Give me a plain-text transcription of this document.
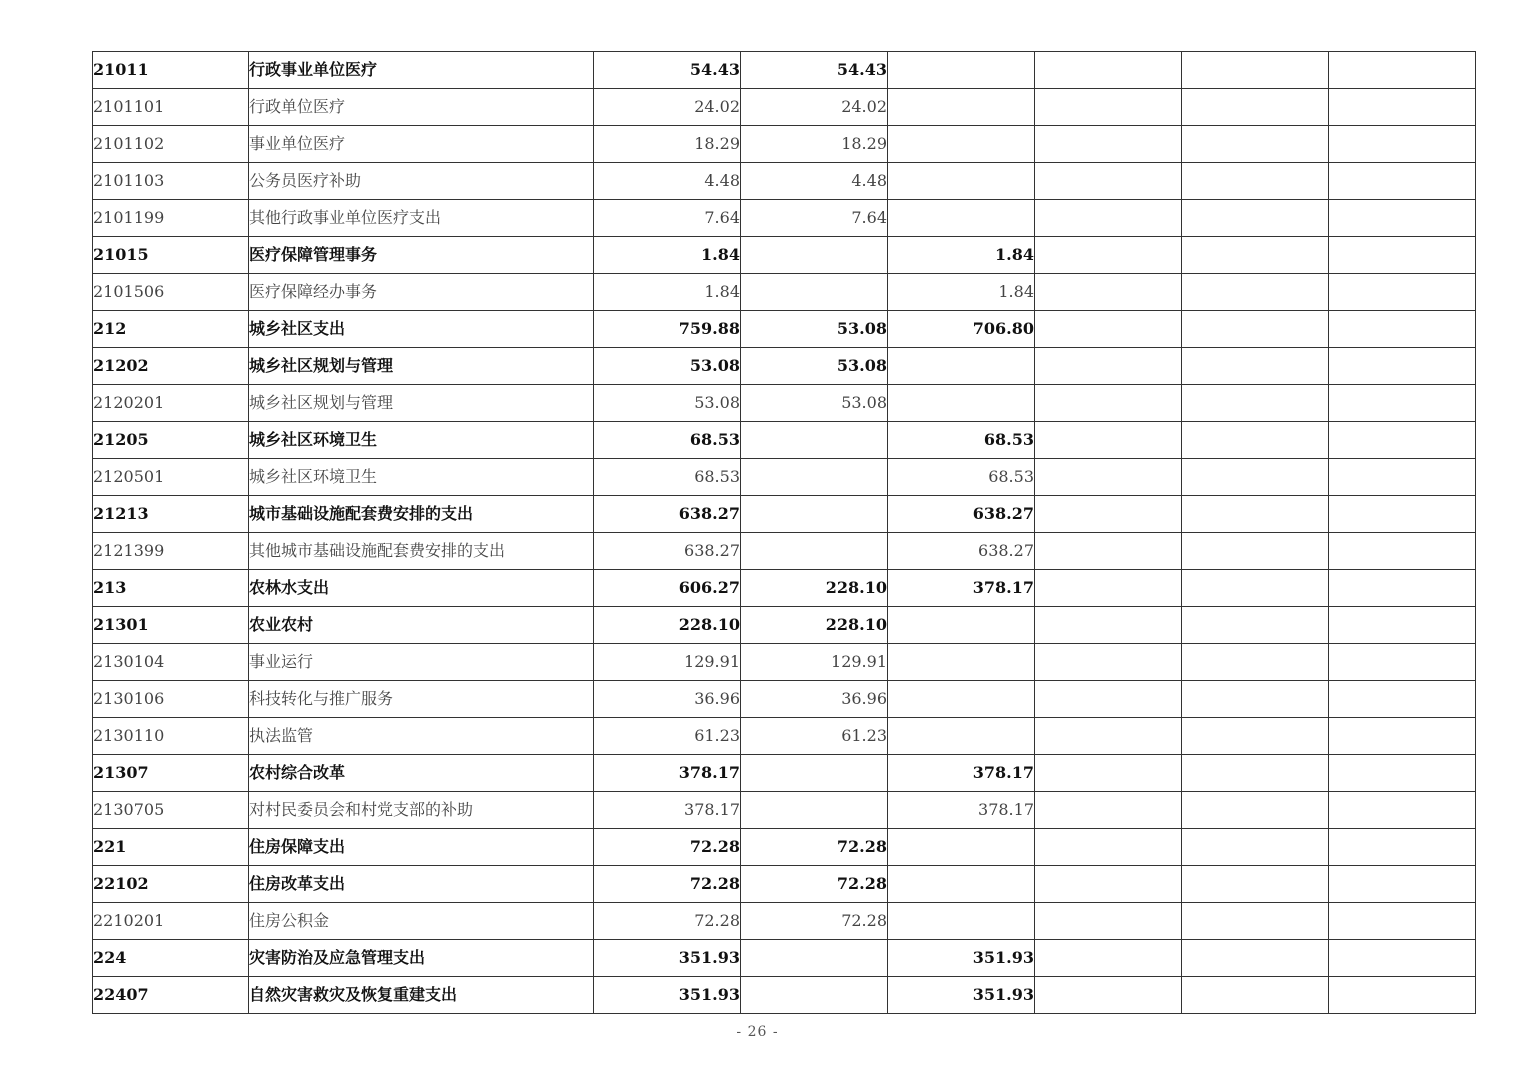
21011	行政事业单位医疗	54.43	54.43				
2101101	行政单位医疗	24.02	24.02				
2101102	事业单位医疗	18.29	18.29				
2101103	公务员医疗补助	4.48	4.48				
2101199	其他行政事业单位医疗支出	7.64	7.64				
21015	医疗保障管理事务	1.84		1.84			
2101506	医疗保障经办事务	1.84		1.84			
212	城乡社区支出	759.88	53.08	706.80			
21202	城乡社区规划与管理	53.08	53.08				
2120201	城乡社区规划与管理	53.08	53.08				
21205	城乡社区环境卫生	68.53		68.53			
2120501	城乡社区环境卫生	68.53		68.53			
21213	城市基础设施配套费安排的支出	638.27		638.27			
2121399	其他城市基础设施配套费安排的支出	638.27		638.27			
213	农林水支出	606.27	228.10	378.17			
21301	农业农村	228.10	228.10				
2130104	事业运行	129.91	129.91				
2130106	科技转化与推广服务	36.96	36.96				
2130110	执法监管	61.23	61.23				
21307	农村综合改革	378.17		378.17			
2130705	对村民委员会和村党支部的补助	378.17		378.17			
221	住房保障支出	72.28	72.28				
22102	住房改革支出	72.28	72.28				
2210201	住房公积金	72.28	72.28				
224	灾害防治及应急管理支出	351.93		351.93			
22407	自然灾害救灾及恢复重建支出	351.93		351.93			
- 26 -
